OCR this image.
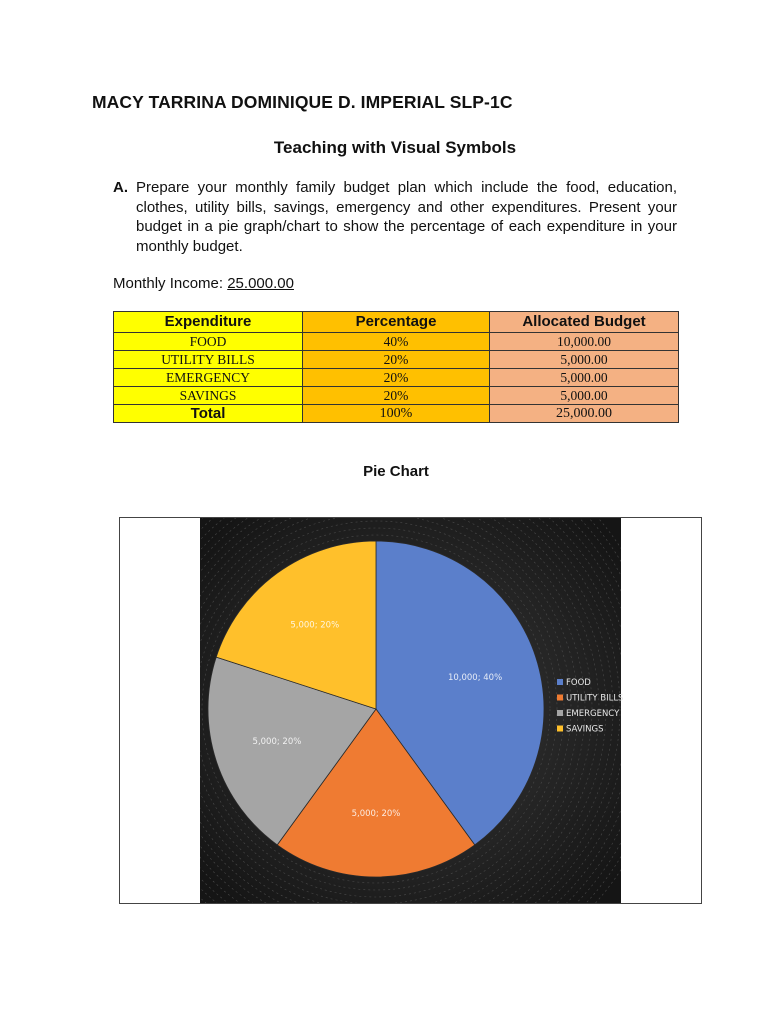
MACY TARRINA DOMINIQUE D. IMPERIAL SLP-1C
Teaching with Visual Symbols
A. Prepare your monthly family budget plan which include the food, education, clothes, utility bills, savings, emergency and other expenditures. Present your budget in a pie graph/chart to show the percentage of each expenditure in your monthly budget.
Monthly Income: 25.000.00
Expenditure	Percentage	Allocated Budget
FOOD	40%	10,000.00
UTILITY BILLS	20%	5,000.00
EMERGENCY	20%	5,000.00
SAVINGS	20%	5,000.00
Total	100%	25,000.00
Pie Chart
10,000; 40%
5,000; 20%
5,000; 20%
5,000; 20%
FOOD
UTILITY BILLS
EMERGENCY
SAVINGS
